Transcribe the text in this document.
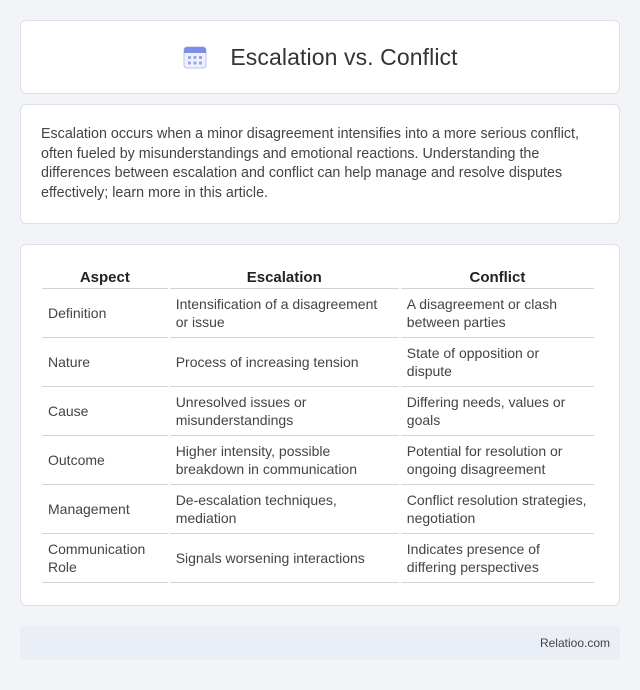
Escalation vs. Conflict

Escalation occurs when a minor disagreement intensifies into a more serious conflict, often fueled by misunderstandings and emotional reactions. Understanding the differences between escalation and conflict can help manage and resolve disputes effectively; learn more in this article.

Aspect	Escalation	Conflict
Definition	Intensification of a disagreement or issue	A disagreement or clash between parties
Nature	Process of increasing tension	State of opposition or dispute
Cause	Unresolved issues or misunderstandings	Differing needs, values or goals
Outcome	Higher intensity, possible breakdown in communication	Potential for resolution or ongoing disagreement
Management	De-escalation techniques, mediation	Conflict resolution strategies, negotiation
Communication Role	Signals worsening interactions	Indicates presence of differing perspectives
Relatioo.com
